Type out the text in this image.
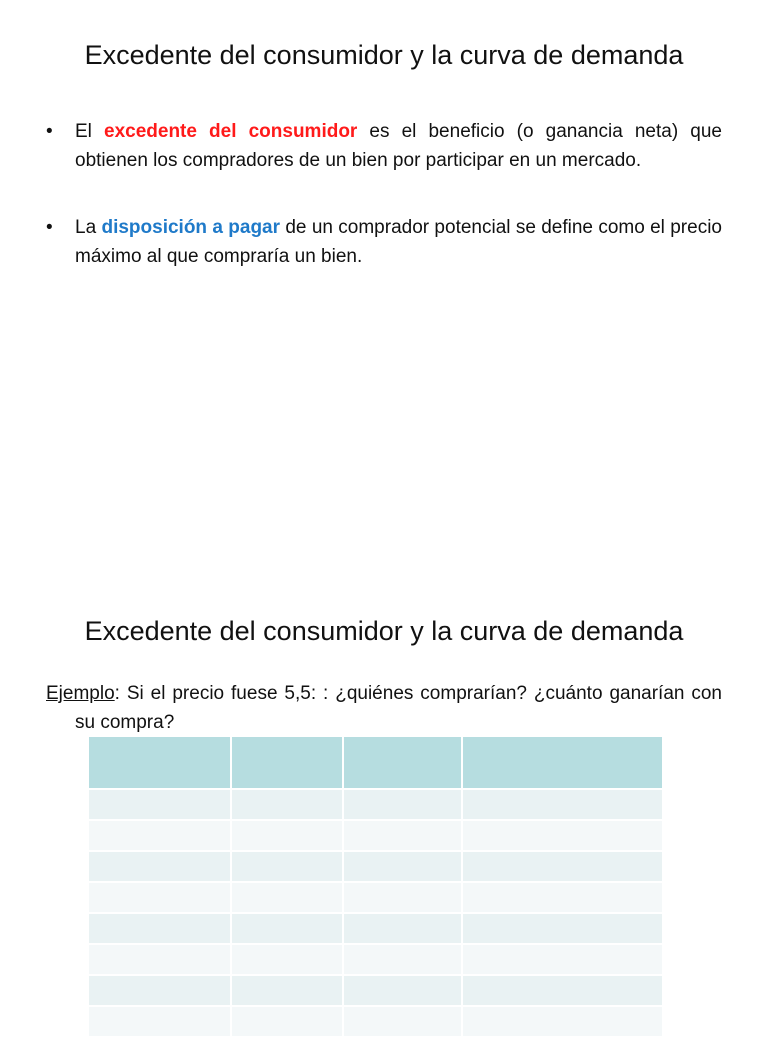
Excedente del consumidor y la curva de demanda
• El excedente del consumidor es el beneficio (o ganancia neta) que obtienen los compradores de un bien por participar en un mercado.
• La disposición a pagar de un comprador potencial se define como el precio máximo al que compraría un bien.
Excedente del consumidor y la curva de demanda
Ejemplo: Si el precio fuese 5,5: : ¿quiénes comprarían? ¿cuánto ganarían con su compra?
